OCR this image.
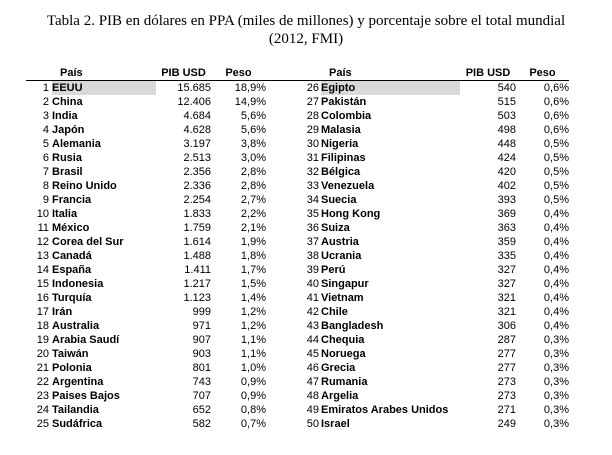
Tabla 2. PIB en dólares en PPA (miles de millones) y porcentaje sobre el total mundial
(2012, FMI)
	País	PIB USD	Peso			País	PIB USD	Peso
1	EEUU	15.685	18,9%		26	Egipto	540	0,6%
2	China	12.406	14,9%		27	Pakistán	515	0,6%
3	India	4.684	5,6%		28	Colombia	503	0,6%
4	Japón	4.628	5,6%		29	Malasia	498	0,6%
5	Alemania	3.197	3,8%		30	Nigeria	448	0,5%
6	Rusia	2.513	3,0%		31	Filipinas	424	0,5%
7	Brasil	2.356	2,8%		32	Bélgica	420	0,5%
8	Reino Unido	2.336	2,8%		33	Venezuela	402	0,5%
9	Francia	2.254	2,7%		34	Suecia	393	0,5%
10	Italia	1.833	2,2%		35	Hong Kong	369	0,4%
11	México	1.759	2,1%		36	Suiza	363	0,4%
12	Corea del Sur	1.614	1,9%		37	Austria	359	0,4%
13	Canadá	1.488	1,8%		38	Ucrania	335	0,4%
14	España	1.411	1,7%		39	Perú	327	0,4%
15	Indonesia	1.217	1,5%		40	Singapur	327	0,4%
16	Turquía	1.123	1,4%		41	Vietnam	321	0,4%
17	Irán	999	1,2%		42	Chile	321	0,4%
18	Australia	971	1,2%		43	Bangladesh	306	0,4%
19	Arabia Saudí	907	1,1%		44	Chequia	287	0,3%
20	Taiwán	903	1,1%		45	Noruega	277	0,3%
21	Polonia	801	1,0%		46	Grecia	277	0,3%
22	Argentina	743	0,9%		47	Rumania	273	0,3%
23	Paises Bajos	707	0,9%		48	Argelia	273	0,3%
24	Tailandia	652	0,8%		49	Emiratos Arabes Unidos	271	0,3%
25	Sudáfrica	582	0,7%		50	Israel	249	0,3%
